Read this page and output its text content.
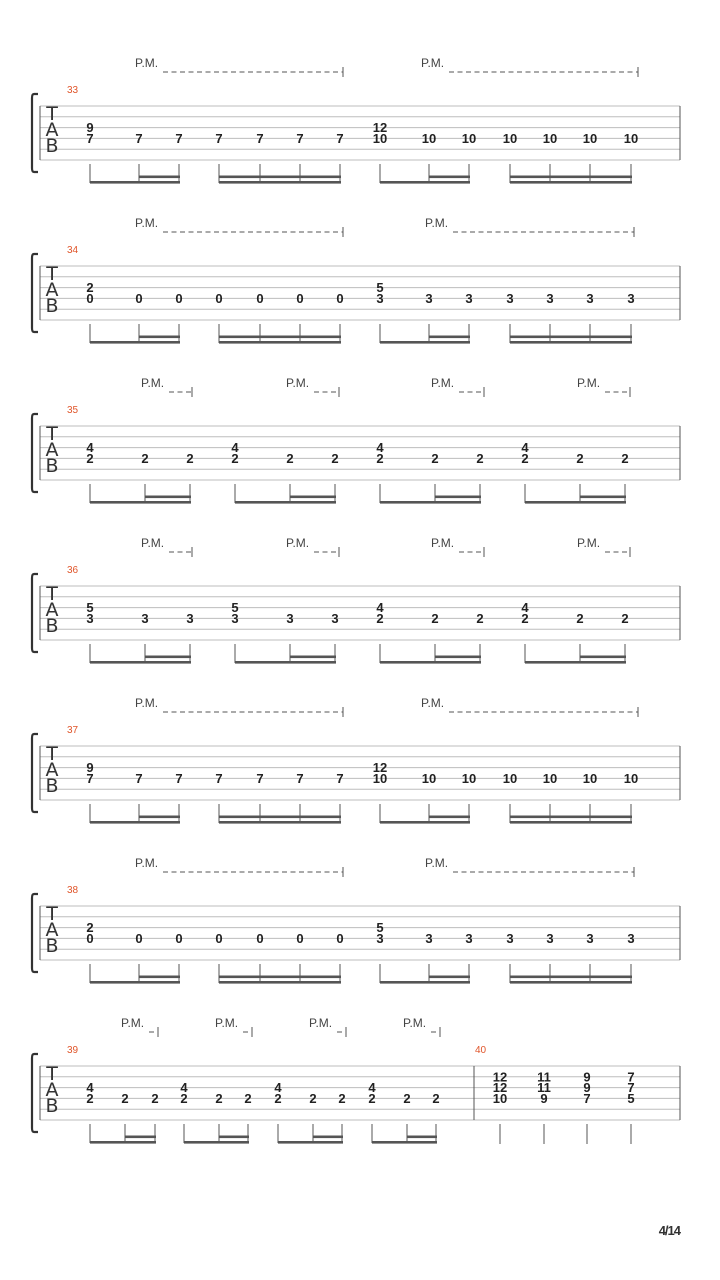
T
A
B
P.M.	P.M.
33
9
7	7	7	7	7	7	7
12
10	10 10 10 10 10 10
T
A
B
P.M.	P.M.
34
2
0	0	0	0	0	0	0
5
3	3	3	3	3	3	3
T
A
B
P.M.	P.M.	P.M.	P.M.
35
4
2	2	2
4
2	2	2
4
2	2	2
4
2	2	2
T
A
B
P.M.	P.M.	P.M.	P.M.
36
5
3	3	3
5
3	3	3
4
2	2	2
4
2	2	2
T
A
B
P.M.	P.M.
37
9
7	7	7	7	7	7	7
12
10	10 10 10 10 10 10
T
A
B
P.M.	P.M.
38
2
0	0	0	0	0	0	0
5
3	3	3	3	3	3	3
T
A
B
P.M.	P.M.	P.M.	P.M.
39
4
2 2 2
4
2 2 2
4
2 2 2
4
2 2 2
40
12
12
10
11
11
9
9
9
7
7
7
5
4/14
